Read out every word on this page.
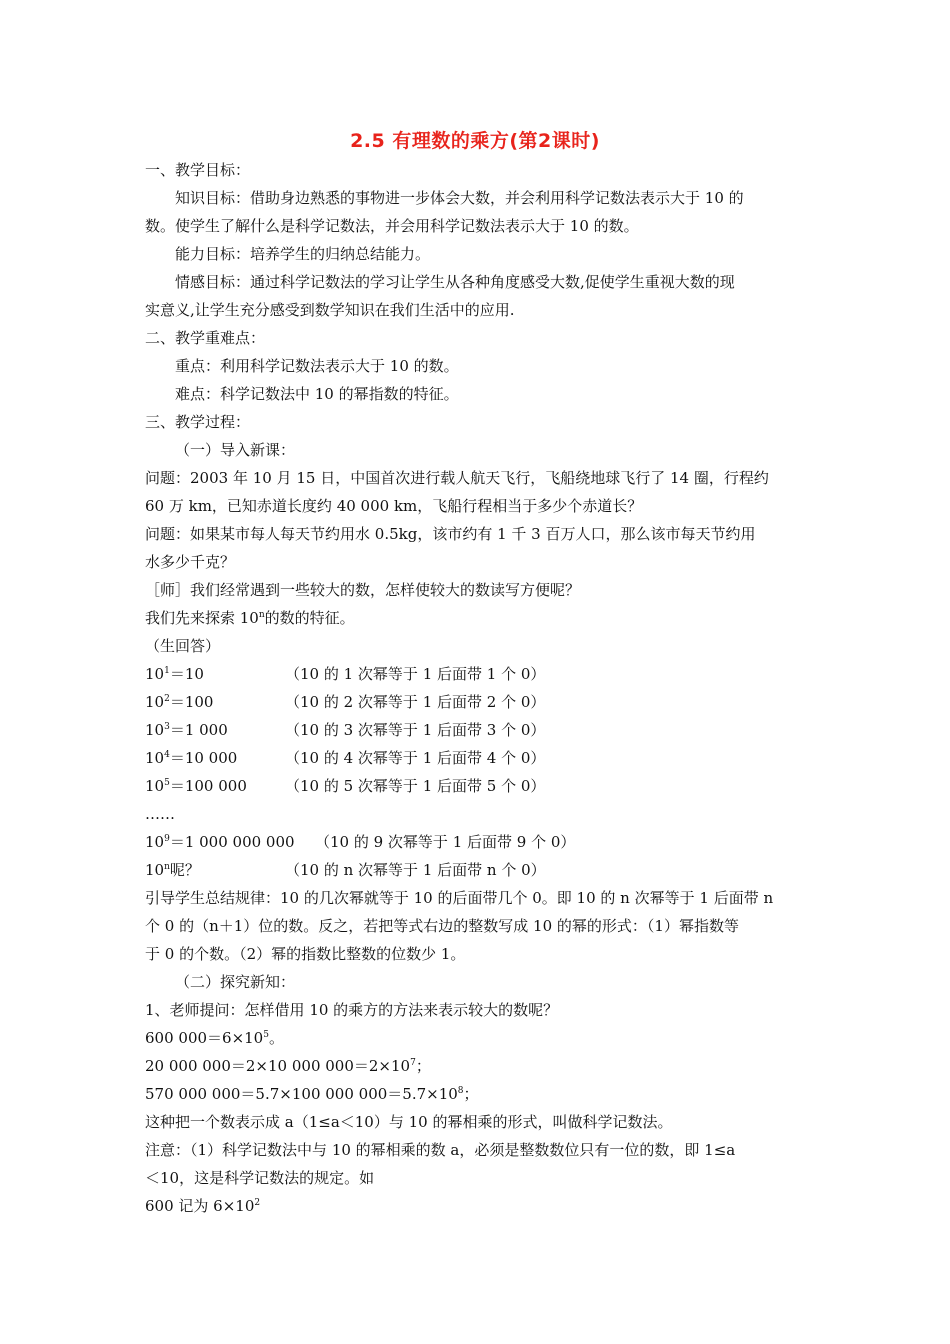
2.5 有理数的乘方(第2课时)
一、教学目标：
知识目标：借助身边熟悉的事物进一步体会大数，并会利用科学记数法表示大于 10 的
数。使学生了解什么是科学记数法，并会用科学记数法表示大于 10 的数。
能力目标：培养学生的归纳总结能力。
情感目标：通过科学记数法的学习让学生从各种角度感受大数,促使学生重视大数的现
实意义,让学生充分感受到数学知识在我们生活中的应用.
二、教学重难点：
重点：利用科学记数法表示大于 10 的数。
难点：科学记数法中 10 的幂指数的特征。
三、教学过程：
（一）导入新课：
问题：2003 年 10 月 15 日，中国首次进行载人航天飞行，飞船绕地球飞行了 14 圈，行程约
60 万 km，已知赤道长度约 40 000 km，飞船行程相当于多少个赤道长？
问题：如果某市每人每天节约用水 0.5kg，该市约有 1 千 3 百万人口，那么该市每天节约用
水多少千克？
［师］我们经常遇到一些较大的数，怎样使较大的数读写方便呢？
我们先来探索 10$^n$的数的特征。
（生回答）
$10^1=10$	（10 的 1 次幂等于 1 后面带 1 个 0）
$10^2=100$	（10 的 2 次幂等于 1 后面带 2 个 0）
$10^3=1$ 000	（10 的 3 次幂等于 1 后面带 3 个 0）
$10^4=10$ 000	（10 的 4 次幂等于 1 后面带 4 个 0）
$10^5=100$ 000	（10 的 5 次幂等于 1 后面带 5 个 0）
……
$10^9=1$ 000 000 000	（10 的 9 次幂等于 1 后面带 9 个 0）
10$^n$呢？	（10 的 n 次幂等于 1 后面带 n 个 0）
引导学生总结规律：10 的几次幂就等于 10 的后面带几个 0。即 10 的 n 次幂等于 1 后面带 n
个 0 的（n＋1）位的数。反之，若把等式右边的整数写成 10 的幂的形式：（1）幂指数等
于 0 的个数。（2）幂的指数比整数的位数少 1。
（二）探究新知：
1、老师提问：怎样借用 10 的乘方的方法来表示较大的数呢？
600 $000=6\times 10^5$。
20 000 000＝2×10 000 $000=2\times 10^7$；
570 000 000＝5.7×100 000 $000=5.7\times 10^8$；
这种把一个数表示成 a（1≤a＜10）与 10 的幂相乘的形式，叫做科学记数法。
注意：（1）科学记数法中与 10 的幂相乘的数 a，必须是整数数位只有一位的数，即 1≤a
＜10，这是科学记数法的规定。如
600 记为 $6\times 10^2$
